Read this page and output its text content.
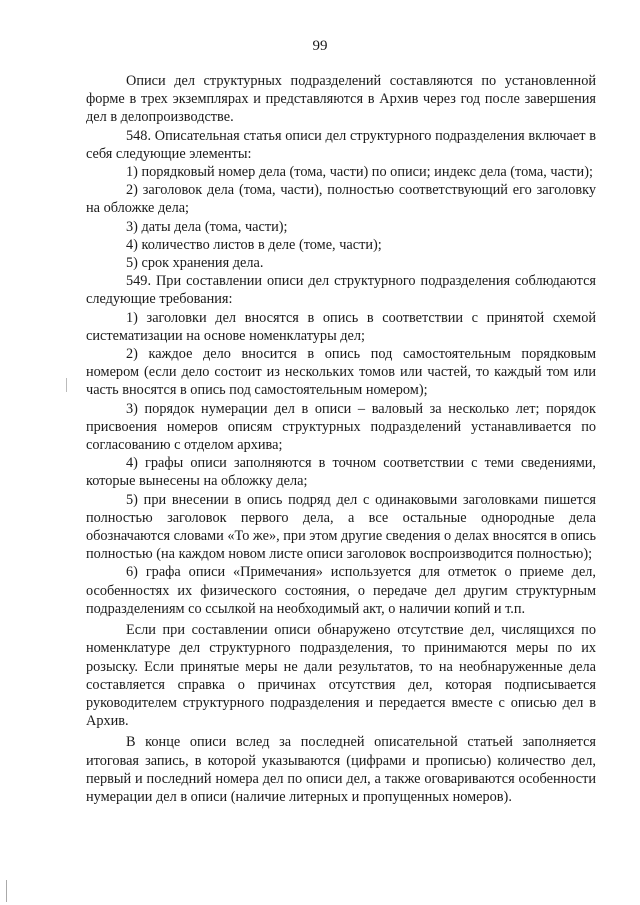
99

Описи дел структурных подразделений составляются по установленной форме в трех экземплярах и представляются в Архив через год после завершения дел в делопроизводстве.

548. Описательная статья описи дел структурного подразделения включает в себя следующие элементы:

1) порядковый номер дела (тома, части) по описи; индекс дела (тома, части);

2) заголовок дела (тома, части), полностью соответствующий его заголовку на обложке дела;

3) даты дела (тома, части);

4) количество листов в деле (томе, части);

5) срок хранения дела.

549. При составлении описи дел структурного подразделения соблюдаются следующие требования:

1) заголовки дел вносятся в опись в соответствии с принятой схемой систематизации на основе номенклатуры дел;

2) каждое дело вносится в опись под самостоятельным порядковым номером (если дело состоит из нескольких томов или частей, то каждый том или часть вносятся в опись под самостоятельным номером);

3) порядок нумерации дел в описи – валовый за несколько лет; порядок присвоения номеров описям структурных подразделений устанавливается по согласованию с отделом архива;

4) графы описи заполняются в точном соответствии с теми сведениями, которые вынесены на обложку дела;

5) при внесении в опись подряд дел с одинаковыми заголовками пишется полностью заголовок первого дела, а все остальные однородные дела обозначаются словами «То же», при этом другие сведения о делах вносятся в опись полностью (на каждом новом листе описи заголовок воспроизводится полностью);

6) графа описи «Примечания» используется для отметок о приеме дел, особенностях их физического состояния, о передаче дел другим структурным подразделениям со ссылкой на необходимый акт, о наличии копий и т.п.

Если при составлении описи обнаружено отсутствие дел, числящихся по номенклатуре дел структурного подразделения, то принимаются меры по их розыску. Если принятые меры не дали результатов, то на необнаруженные дела составляется справка о причинах отсутствия дел, которая подписывается руководителем структурного подразделения и передается вместе с описью дел в Архив.

В конце описи вслед за последней описательной статьей заполняется итоговая запись, в которой указываются (цифрами и прописью) количество дел, первый и последний номера дел по описи дел, а также оговариваются особенности нумерации дел в описи (наличие литерных и пропущенных номеров).
